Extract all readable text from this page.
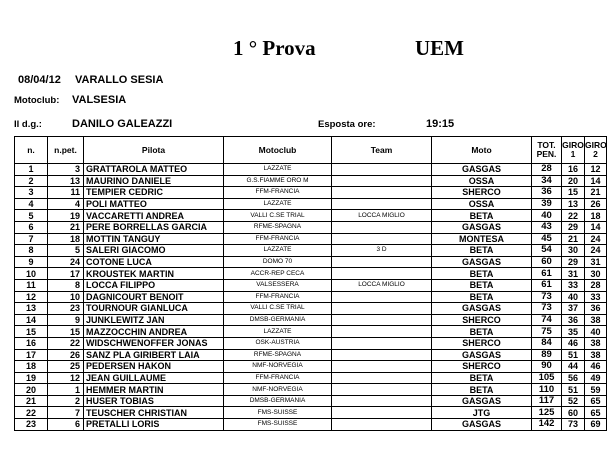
1 ° Prova	UEM
08/04/12 VARALLO SESIA
Motoclub: VALSESIA
Il d.g.:	DANILO GALEAZZI	Esposta ore:	19:15
n.	n.pet.	Pilota	Motoclub	Team	Moto	TOT. PEN.	GIRO 1	GIRO 2
1	3	GRATTAROLA MATTEO	LAZZATE		GASGAS	28	16	12
2	13	MAURINO DANIELE	G.S.FIAMME ORO M		OSSA	34	20	14
3	11	TEMPIER CEDRIC	FFM-FRANCIA		SHERCO	36	15	21
4	4	POLI MATTEO	LAZZATE		OSSA	39	13	26
5	19	VACCARETTI ANDREA	VALLI C.SE TRIAL	LOCCA MIGLIO	BETA	40	22	18
6	21	PERE BORRELLAS GARCIA	RFME-SPAGNA		GASGAS	43	29	14
7	18	MOTTIN TANGUY	FFM-FRANCIA		MONTESA	45	21	24
8	5	SALERI GIACOMO	LAZZATE	3 D	BETA	54	30	24
9	24	COTONE LUCA	DOMO 70		GASGAS	60	29	31
10	17	KROUSTEK MARTIN	ACCR-REP CECA		BETA	61	31	30
11	8	LOCCA FILIPPO	VALSESSERA	LOCCA MIGLIO	BETA	61	33	28
12	10	DAGNICOURT BENOIT	FFM-FRANCIA		BETA	73	40	33
13	23	TOURNOUR GIANLUCA	VALLI C.SE TRIAL		GASGAS	73	37	36
14	9	JUNKLEWITZ JAN	DMSB-GERMANIA		SHERCO	74	36	38
15	15	MAZZOCCHIN ANDREA	LAZZATE		BETA	75	35	40
16	22	WIDSCHWENOFFER JONAS	OSK-AUSTRIA		SHERCO	84	46	38
17	26	SANZ PLA GIRIBERT LAIA	RFME-SPAGNA		GASGAS	89	51	38
18	25	PEDERSEN HAKON	NMF-NORVEGIA		SHERCO	90	44	46
19	12	JEAN GUILLAUME	FFM-FRANCIA		BETA	105	56	49
20	1	HEMMER MARTIN	NMF-NORVEGIA		BETA	110	51	59
21	2	HUSER TOBIAS	DMSB-GERMANIA		GASGAS	117	52	65
22	7	TEUSCHER CHRISTIAN	FMS-SUISSE		JTG	125	60	65
23	6	PRETALLI LORIS	FMS-SUISSE		GASGAS	142	73	69
